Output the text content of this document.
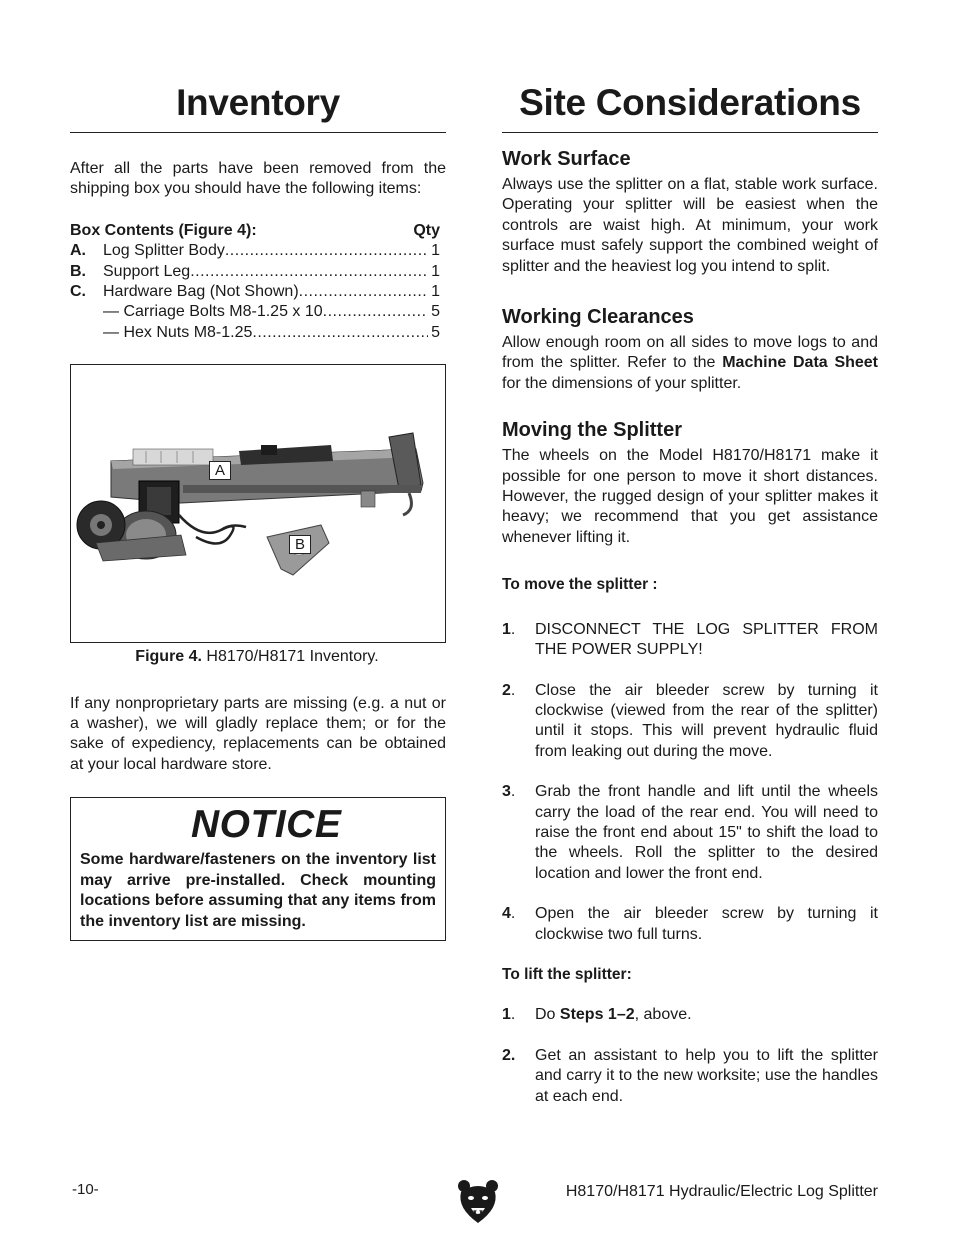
Inventory

After all the parts have been removed from the shipping box you should have the following items:

Box Contents (Figure 4):	Qty
A.	Log Splitter Body .....	1
B.	Support Leg .....	1
C.	Hardware Bag (Not Shown) .....	1
— Carriage Bolts M8-1.25 x 10 .....	5
— Hex Nuts M8-1.25 .....	5
A
B

Figure 4. H8170/H8171 Inventory.

If any nonproprietary parts are missing (e.g. a nut or a washer), we will gladly replace them; or for the sake of expediency, replacements can be obtained at your local hardware store.

NOTICE

Some hardware/fasteners on the inventory list may arrive pre-installed. Check mounting locations before assuming that any items from the inventory list are missing.

Site Considerations
Work Surface

Always use the splitter on a flat, stable work surface. Operating your splitter will be easiest when the controls are waist high. At minimum, your work surface must safely support the combined weight of splitter and the heaviest log you intend to split.

Working Clearances

Allow enough room on all sides to move logs to and from the splitter. Refer to the Machine Data Sheet for the dimensions of your splitter.

Moving the Splitter

The wheels on the Model H8170/H8171 make it possible for one person to move it short distances. However, the rugged design of your splitter makes it heavy; we recommend that you get assistance whenever lifting it.

To move the splitter :

1.	DISCONNECT THE LOG SPLITTER FROM THE POWER SUPPLY!
2.	Close the air bleeder screw by turning it clockwise (viewed from the rear of the splitter) until it stops. This will prevent hydraulic fluid from leaking out during the move.
3.	Grab the front handle and lift until the wheels carry the load of the rear end. You will need to raise the front end about 15" to shift the load to the wheels. Roll the splitter to the desired location and lower the front end.
4.	Open the air bleeder screw by turning it clockwise two full turns.

To lift the splitter:

1.	Do Steps 1–2, above.
2.	Get an assistant to help you to lift the splitter and carry it to the new worksite; use the handles at each end.
-10-	H8170/H8171 Hydraulic/Electric Log Splitter
